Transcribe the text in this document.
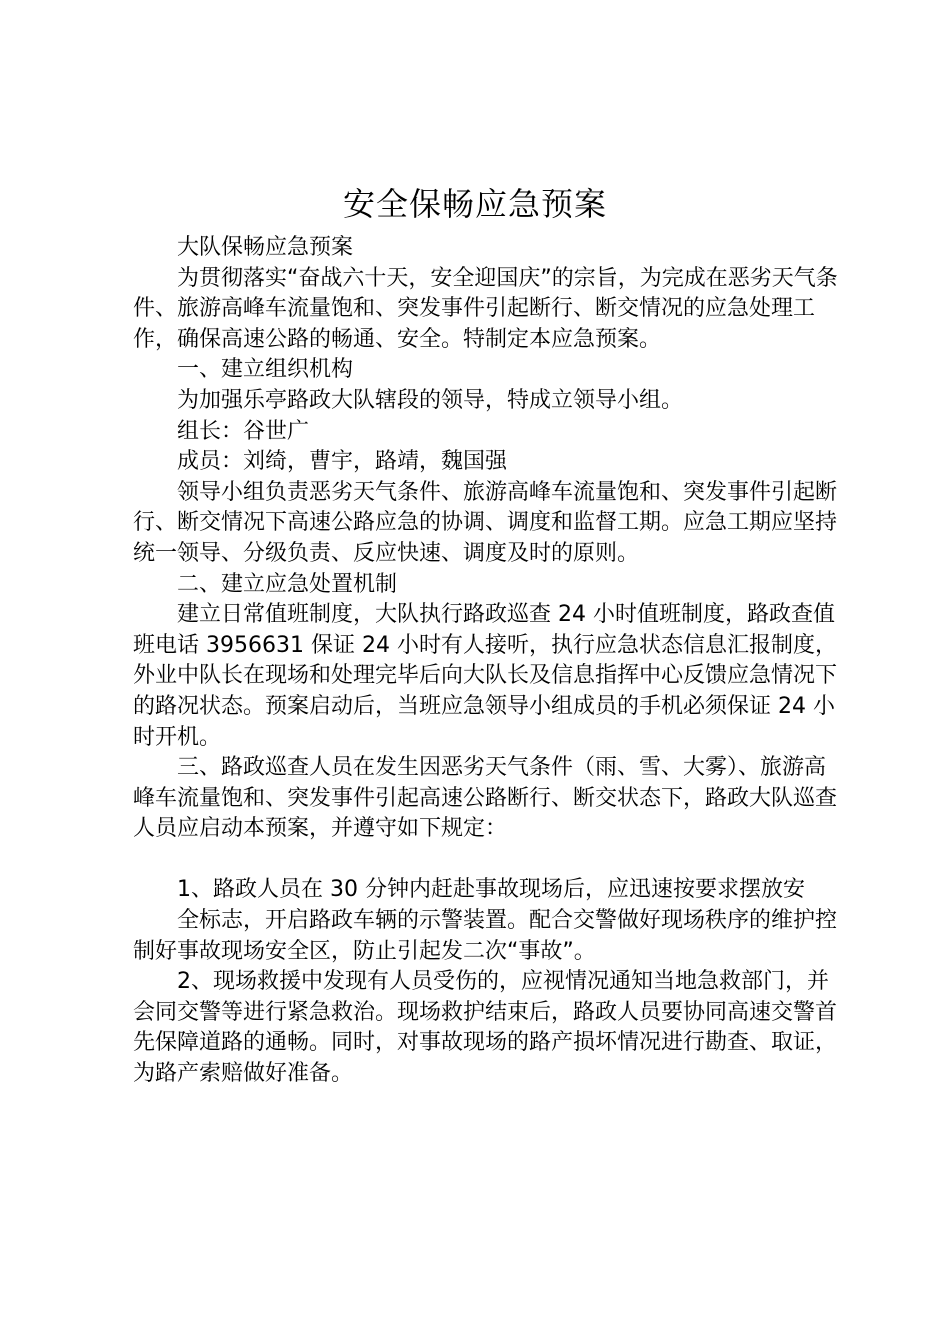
安全保畅应急预案

大队保畅应急预案

为贯彻落实“奋战六十天，安全迎国庆”的宗旨，为完成在恶劣天气条件、旅游高峰车流量饱和、突发事件引起断行、断交情况的应急处理工作，确保高速公路的畅通、安全。特制定本应急预案。

一、建立组织机构

为加强乐亭路政大队辖段的领导，特成立领导小组。

组长：谷世广

成员：刘绮，曹宇，路靖，魏国强

领导小组负责恶劣天气条件、旅游高峰车流量饱和、突发事件引起断行、断交情况下高速公路应急的协调、调度和监督工期。应急工期应坚持统一领导、分级负责、反应快速、调度及时的原则。

二、建立应急处置机制

建立日常值班制度，大队执行路政巡查 24 小时值班制度，路政查值班电话 3956631 保证 24 小时有人接听，执行应急状态信息汇报制度，外业中队长在现场和处理完毕后向大队长及信息指挥中心反馈应急情况下的路况状态。预案启动后，当班应急领导小组成员的手机必须保证 24 小时开机。

三、路政巡查人员在发生因恶劣天气条件（雨、雪、大雾）、旅游高峰车流量饱和、突发事件引起高速公路断行、断交状态下，路政大队巡查人员应启动本预案，并遵守如下规定：

1、路政人员在 30 分钟内赶赴事故现场后，应迅速按要求摆放安

全标志，开启路政车辆的示警装置。配合交警做好现场秩序的维护控制好事故现场安全区，防止引起发二次“事故”。

2、现场救援中发现有人员受伤的，应视情况通知当地急救部门，并会同交警等进行紧急救治。现场救护结束后，路政人员要协同高速交警首先保障道路的通畅。同时，对事故现场的路产损坏情况进行勘查、取证，为路产索赔做好准备。
